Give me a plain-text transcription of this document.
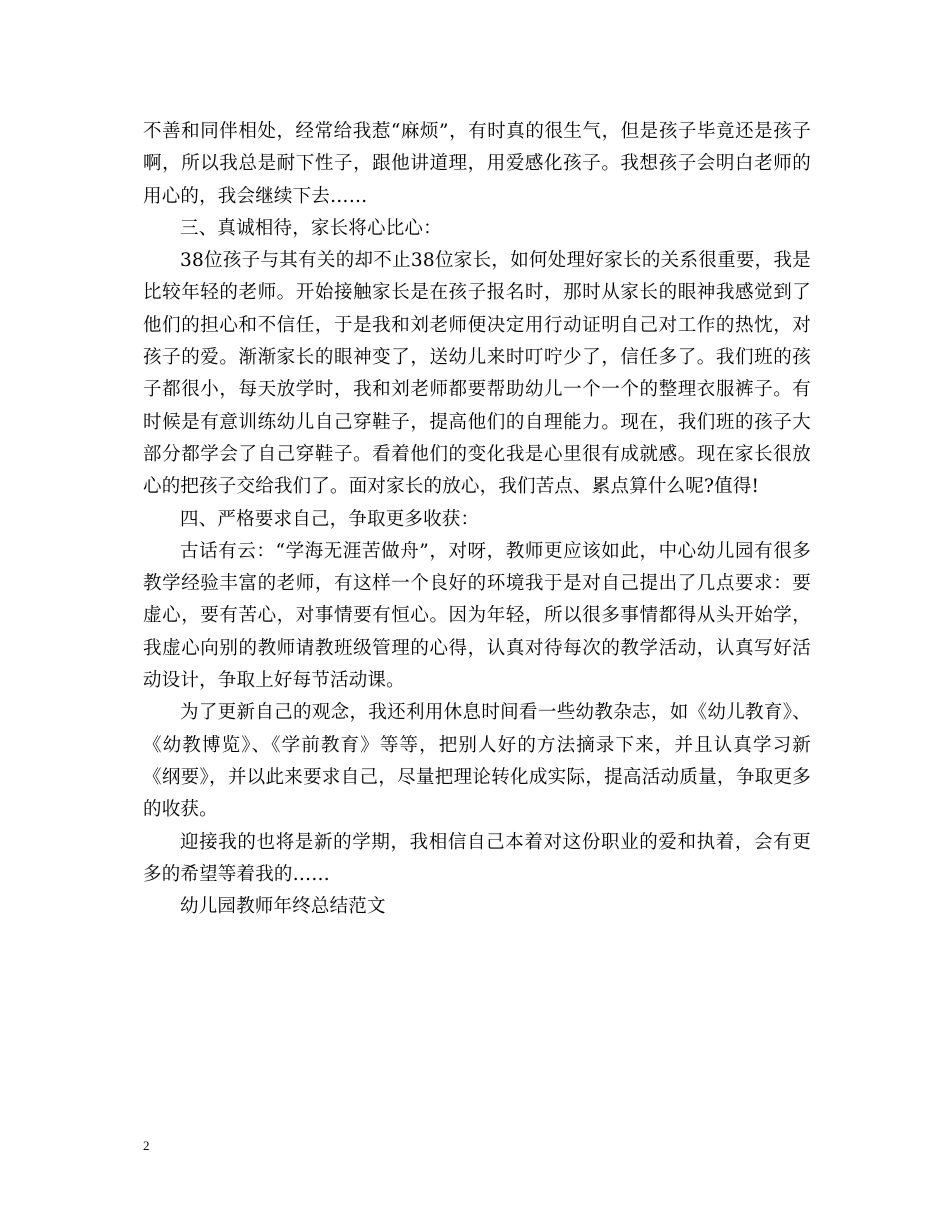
不善和同伴相处，经常给我惹“麻烦”，有时真的很生气，但是孩子毕竟还是孩子啊，所以我总是耐下性子，跟他讲道理，用爱感化孩子。我想孩子会明白老师的用心的，我会继续下去……

三、真诚相待，家长将心比心：

38位孩子与其有关的却不止38位家长，如何处理好家长的关系很重要，我是比较年轻的老师。开始接触家长是在孩子报名时，那时从家长的眼神我感觉到了他们的担心和不信任，于是我和刘老师便决定用行动证明自己对工作的热忱，对孩子的爱。渐渐家长的眼神变了，送幼儿来时叮咛少了，信任多了。我们班的孩子都很小，每天放学时，我和刘老师都要帮助幼儿一个一个的整理衣服裤子。有时候是有意训练幼儿自己穿鞋子，提高他们的自理能力。现在，我们班的孩子大部分都学会了自己穿鞋子。看着他们的变化我是心里很有成就感。现在家长很放心的把孩子交给我们了。面对家长的放心，我们苦点、累点算什么呢?值得!

四、严格要求自己，争取更多收获：

古话有云：“学海无涯苦做舟”，对呀，教师更应该如此，中心幼儿园有很多教学经验丰富的老师，有这样一个良好的环境我于是对自己提出了几点要求：要虚心，要有苦心，对事情要有恒心。因为年轻，所以很多事情都得从头开始学，我虚心向别的教师请教班级管理的心得，认真对待每次的教学活动，认真写好活动设计，争取上好每节活动课。

为了更新自己的观念，我还利用休息时间看一些幼教杂志，如《幼儿教育》、《幼教博览》、《学前教育》等等，把别人好的方法摘录下来，并且认真学习新《纲要》，并以此来要求自己，尽量把理论转化成实际，提高活动质量，争取更多的收获。

迎接我的也将是新的学期，我相信自己本着对这份职业的爱和执着，会有更多的希望等着我的……

幼儿园教师年终总结范文

2
